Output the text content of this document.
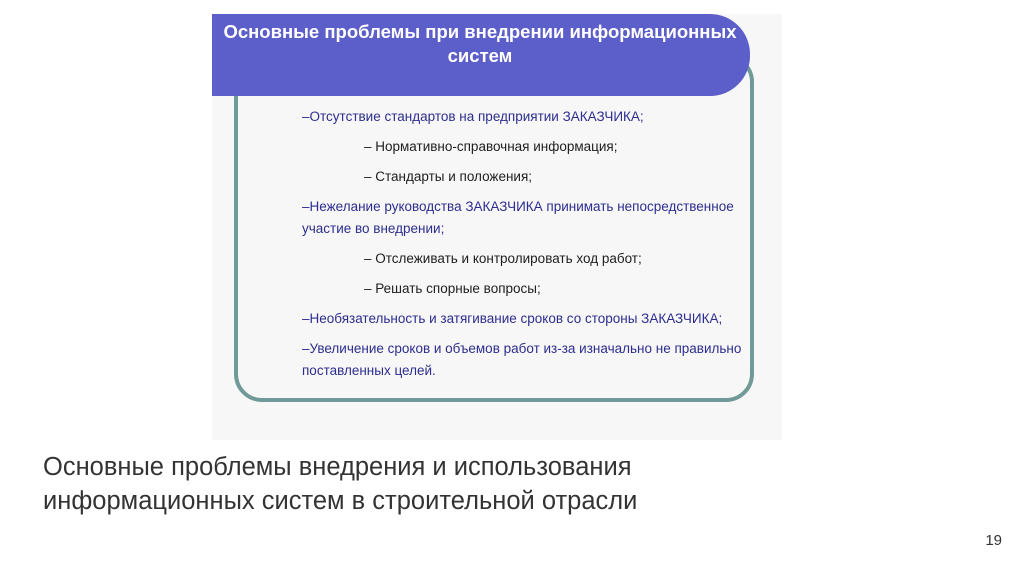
Основные проблемы при внедрении информационных систем
–Отсутствие стандартов на предприятии ЗАКАЗЧИКА;
– Нормативно-справочная информация;
– Стандарты и положения;
–Нежелание руководства ЗАКАЗЧИКА принимать непосредственное участие во внедрении;
– Отслеживать и контролировать ход работ;
– Решать спорные вопросы;
–Необязательность и затягивание сроков со стороны ЗАКАЗЧИКА;
–Увеличение сроков и объемов работ из-за изначально не правильно поставленных целей.
Основные проблемы внедрения и использования информационных систем в строительной отрасли
19
